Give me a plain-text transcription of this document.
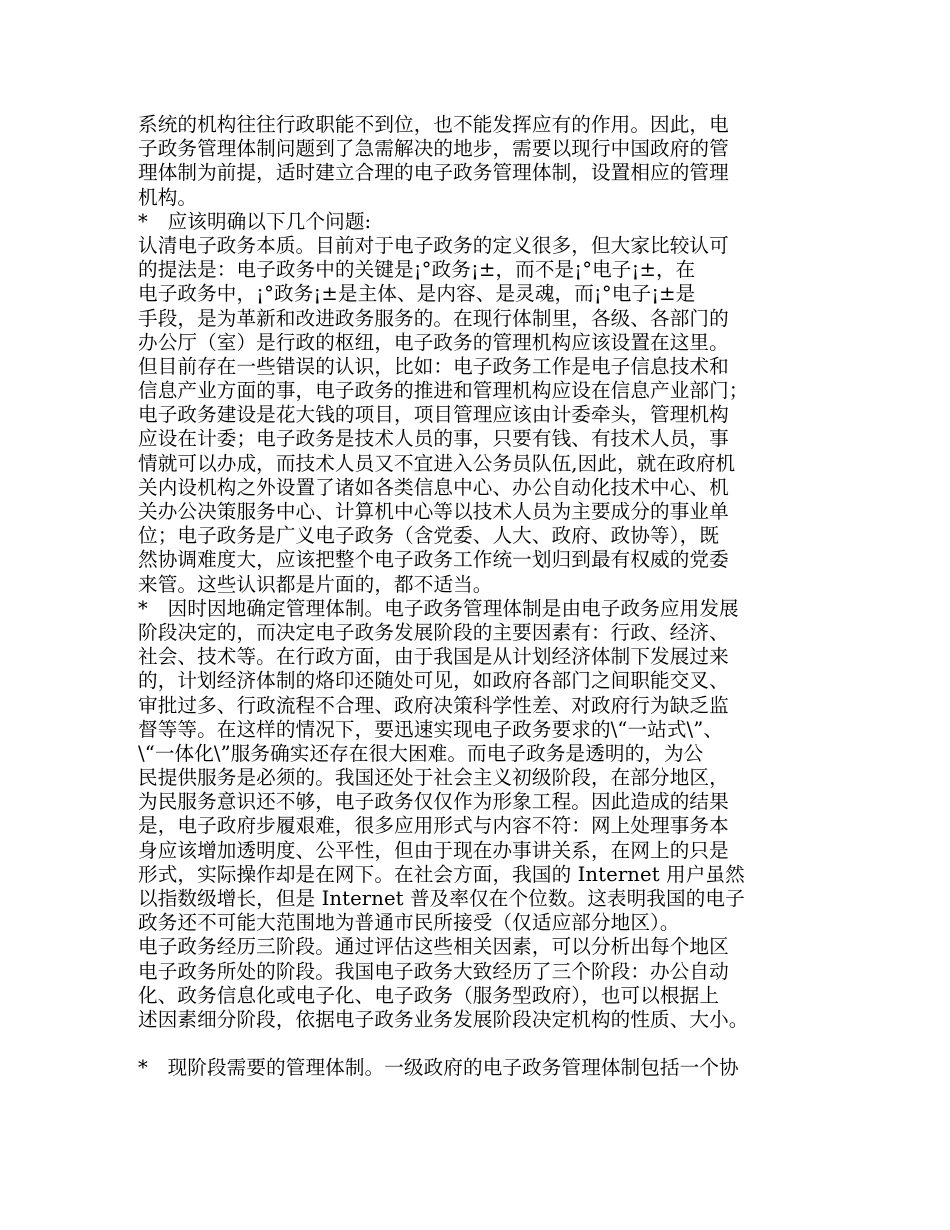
系统的机构往往行政职能不到位，也不能发挥应有的作用。因此，电
子政务管理体制问题到了急需解决的地步，需要以现行中国政府的管
理体制为前提，适时建立合理的电子政务管理体制，设置相应的管理
机构。
*　应该明确以下几个问题:
认清电子政务本质。目前对于电子政务的定义很多，但大家比较认可
的提法是：电子政务中的关键是¡°政务¡±，而不是¡°电子¡±，在
电子政务中，¡°政务¡±是主体、是内容、是灵魂，而¡°电子¡±是
手段，是为革新和改进政务服务的。在现行体制里，各级、各部门的
办公厅（室）是行政的枢纽，电子政务的管理机构应该设置在这里。
但目前存在一些错误的认识，比如：电子政务工作是电子信息技术和
信息产业方面的事，电子政务的推进和管理机构应设在信息产业部门；
电子政务建设是花大钱的项目，项目管理应该由计委牵头，管理机构
应设在计委；电子政务是技术人员的事，只要有钱、有技术人员，事
情就可以办成，而技术人员又不宜进入公务员队伍,因此，就在政府机
关内设机构之外设置了诸如各类信息中心、办公自动化技术中心、机
关办公决策服务中心、计算机中心等以技术人员为主要成分的事业单
位；电子政务是广义电子政务（含党委、人大、政府、政协等），既
然协调难度大，应该把整个电子政务工作统一划归到最有权威的党委
来管。这些认识都是片面的，都不适当。
*　因时因地确定管理体制。电子政务管理体制是由电子政务应用发展
阶段决定的，而决定电子政务发展阶段的主要因素有：行政、经济、
社会、技术等。在行政方面，由于我国是从计划经济体制下发展过来
的，计划经济体制的烙印还随处可见，如政府各部门之间职能交叉、
审批过多、行政流程不合理、政府决策科学性差、对政府行为缺乏监
督等等。在这样的情况下，要迅速实现电子政务要求的\“一站式\”、
\“一体化\”服务确实还存在很大困难。而电子政务是透明的，为公
民提供服务是必须的。我国还处于社会主义初级阶段，在部分地区，
为民服务意识还不够，电子政务仅仅作为形象工程。因此造成的结果
是，电子政府步履艰难，很多应用形式与内容不符：网上处理事务本
身应该增加透明度、公平性，但由于现在办事讲关系，在网上的只是
形式，实际操作却是在网下。在社会方面，我国的 Internet 用户虽然
以指数级增长，但是 Internet 普及率仅在个位数。这表明我国的电子
政务还不可能大范围地为普通市民所接受（仅适应部分地区）。
电子政务经历三阶段。通过评估这些相关因素，可以分析出每个地区
电子政务所处的阶段。我国电子政务大致经历了三个阶段：办公自动
化、政务信息化或电子化、电子政务（服务型政府），也可以根据上
述因素细分阶段，依据电子政务业务发展阶段决定机构的性质、大小。
*　现阶段需要的管理体制。一级政府的电子政务管理体制包括一个协
